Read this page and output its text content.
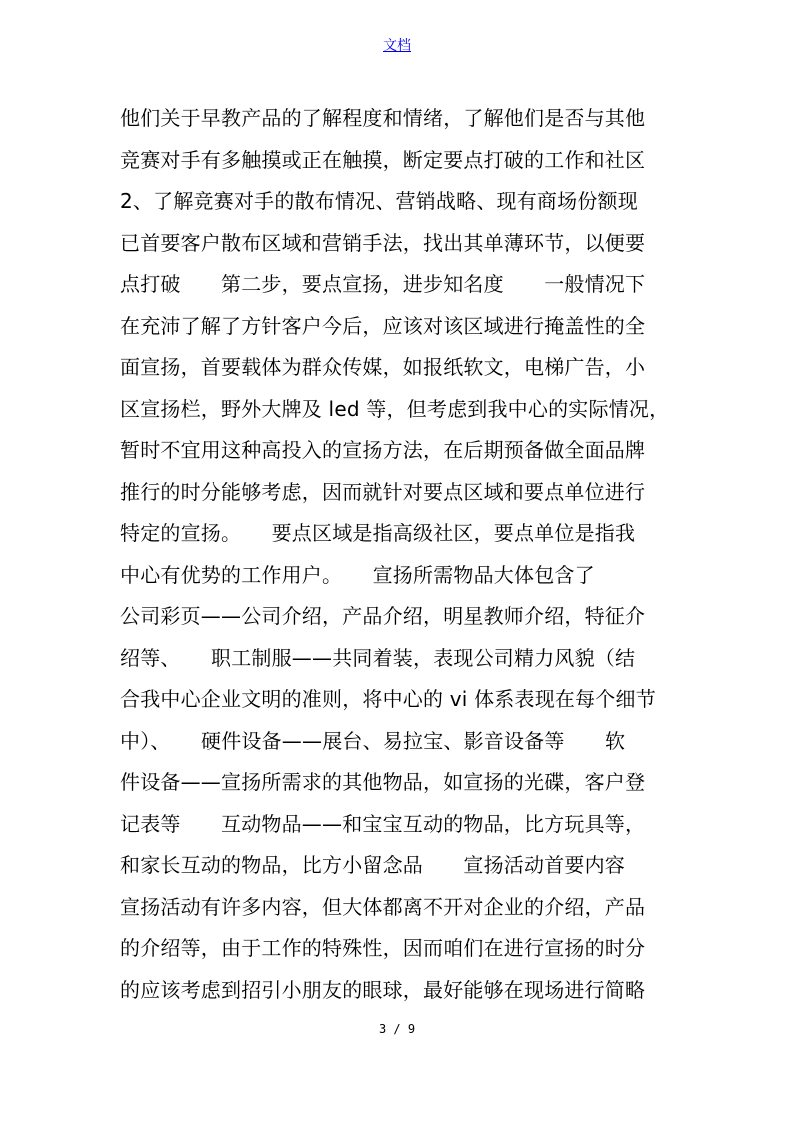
文档
他们关于早教产品的了解程度和情绪，了解他们是否与其他
竞赛对手有多触摸或正在触摸，断定要点打破的工作和社区
2、了解竞赛对手的散布情况、营销战略、现有商场份额现
已首要客户散布区域和营销手法，找出其单薄环节，以便要
点打破　　第二步，要点宣扬，进步知名度　　一般情况下
在充沛了解了方针客户今后，应该对该区域进行掩盖性的全
面宣扬，首要载体为群众传媒，如报纸软文，电梯广告，小
区宣扬栏，野外大牌及 led 等，但考虑到我中心的实际情况，
暂时不宜用这种高投入的宣扬方法，在后期预备做全面品牌
推行的时分能够考虑，因而就针对要点区域和要点单位进行
特定的宣扬。　　要点区域是指高级社区，要点单位是指我
中心有优势的工作用户。　　宣扬所需物品大体包含了
公司彩页——公司介绍，产品介绍，明星教师介绍，特征介
绍等、　　职工制服——共同着装，表现公司精力风貌（结
合我中心企业文明的准则，将中心的 vi 体系表现在每个细节
中）、　　硬件设备——展台、易拉宝、影音设备等　　软
件设备——宣扬所需求的其他物品，如宣扬的光碟，客户登
记表等　　互动物品——和宝宝互动的物品，比方玩具等，
和家长互动的物品，比方小留念品　　宣扬活动首要内容
宣扬活动有许多内容，但大体都离不开对企业的介绍，产品
的介绍等，由于工作的特殊性，因而咱们在进行宣扬的时分
的应该考虑到招引小朋友的眼球，最好能够在现场进行简略
3 / 9
